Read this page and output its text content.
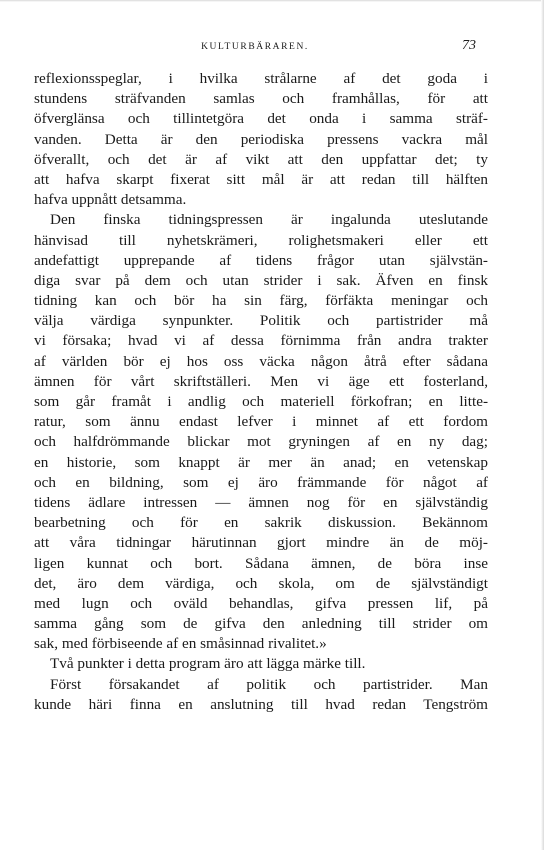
KULTURBÄRAREN.	73
reflexionsspeglar, i hvilka strålarne af det goda i
stundens sträfvanden samlas och framhållas, för att
öfverglänsa och tillintetgöra det onda i samma sträf-
vanden. Detta är den periodiska pressens vackra mål
öfverallt, och det är af vikt att den uppfattar det; ty
att hafva skarpt fixerat sitt mål är att redan till hälften
hafva uppnått detsamma.
Den finska tidningspressen är ingalunda uteslutande
hänvisad till nyhetskrämeri, rolighetsmakeri eller ett
andefattigt upprepande af tidens frågor utan självstän-
diga svar på dem och utan strider i sak. Äfven en finsk
tidning kan och bör ha sin färg, förfäkta meningar och
välja värdiga synpunkter. Politik och partistrider må
vi försaka; hvad vi af dessa förnimma från andra trakter
af världen bör ej hos oss väcka någon åtrå efter sådana
ämnen för vårt skriftställeri. Men vi äge ett fosterland,
som går framåt i andlig och materiell förkofran; en litte-
ratur, som ännu endast lefver i minnet af ett fordom
och halfdrömmande blickar mot gryningen af en ny dag;
en historie, som knappt är mer än anad; en vetenskap
och en bildning, som ej äro främmande för något af
tidens ädlare intressen — ämnen nog för en självständig
bearbetning och för en sakrik diskussion. Bekännom
att våra tidningar härutinnan gjort mindre än de möj-
ligen kunnat och bort. Sådana ämnen, de böra inse
det, äro dem värdiga, och skola, om de självständigt
med lugn och oväld behandlas, gifva pressen lif, på
samma gång som de gifva den anledning till strider om
sak, med förbiseende af en småsinnad rivalitet.»
Två punkter i detta program äro att lägga märke till.
Först försakandet af politik och partistrider. Man
kunde häri finna en anslutning till hvad redan Tengström
